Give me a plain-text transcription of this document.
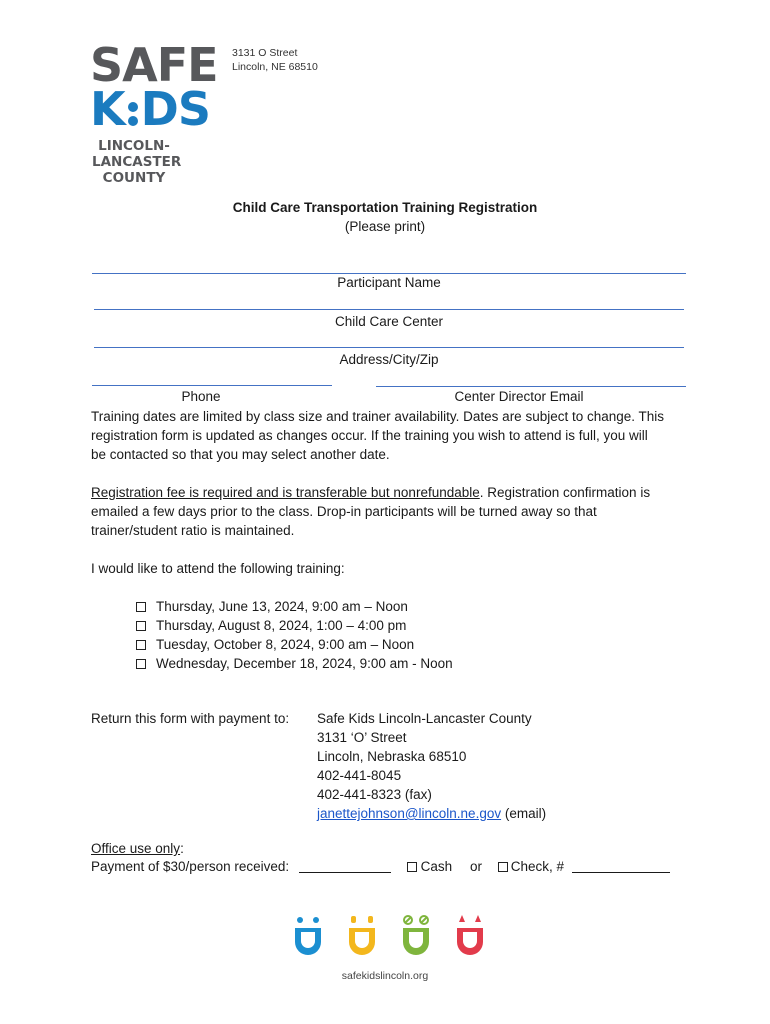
SAFE
K DS
LINCOLN-
LANCASTER
COUNTY
3131 O Street
Lincoln, NE 68510
Child Care Transportation Training Registration
(Please print)
Participant Name
Child Care Center
Address/City/Zip
Phone	Center Director Email
Training dates are limited by class size and trainer availability. Dates are subject to change. This
registration form is updated as changes occur. If the training you wish to attend is full, you will
be contacted so that you may select another date.
Registration fee is required and is transferable but nonrefundable. Registration confirmation is
emailed a few days prior to the class. Drop-in participants will be turned away so that
trainer/student ratio is maintained.
I would like to attend the following training:
Thursday, June 13, 2024, 9:00 am – Noon
Thursday, August 8, 2024, 1:00 – 4:00 pm
Tuesday, October 8, 2024, 9:00 am – Noon
Wednesday, December 18, 2024, 9:00 am - Noon
Return this form with payment to: Safe Kids Lincoln-Lancaster County
3131 ‘O’ Street
Lincoln, Nebraska 68510
402-441-8045
402-441-8323 (fax)
janettejohnson@lincoln.ne.gov (email)
Office use only:
Payment of $30/person received:	Cash or Check, #
safekidslincoln.org
